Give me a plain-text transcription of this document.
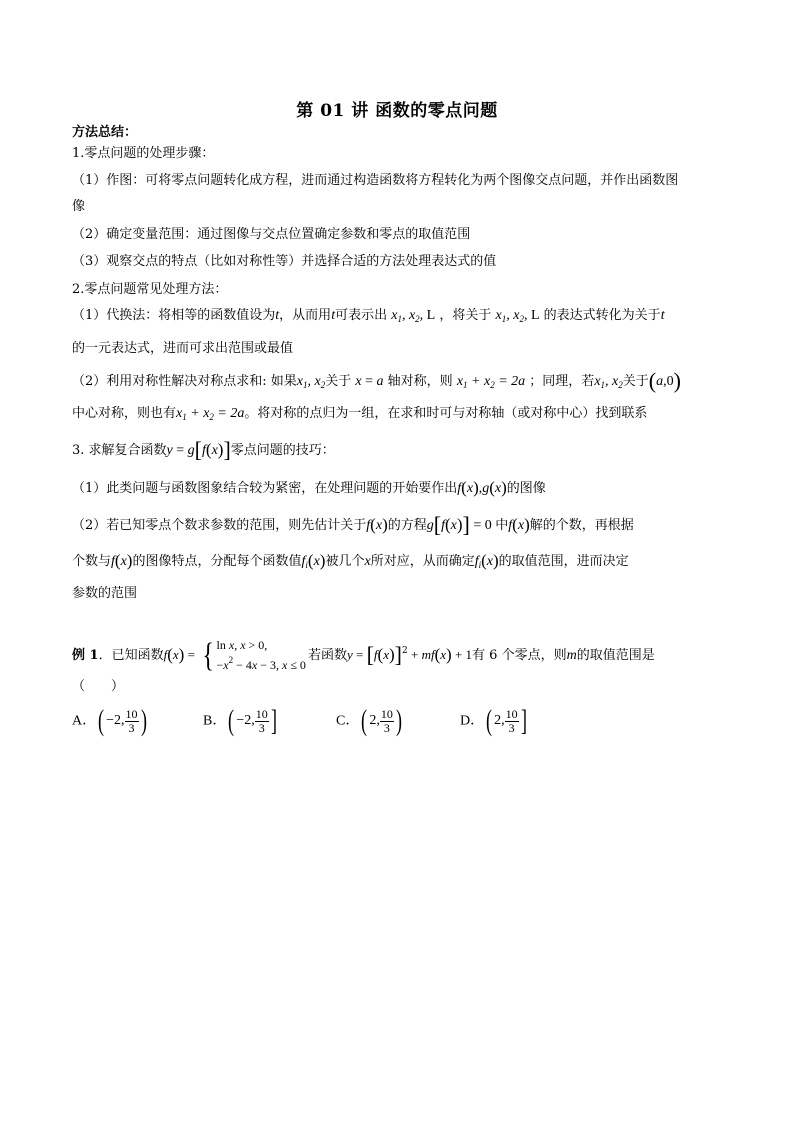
第 01 讲 函数的零点问题
方法总结：
1.零点问题的处理步骤：
（1）作图：可将零点问题转化成方程，进而通过构造函数将方程转化为两个图像交点问题，并作出函数图
像
（2）确定变量范围：通过图像与交点位置确定参数和零点的取值范围
（3）观察交点的特点（比如对称性等）并选择合适的方法处理表达式的值
2.零点问题常见处理方法：
（1）代换法：将相等的函数值设为t，从而用t可表示出 $x_1$, $x_2$, L ，将关于 $x_1$, $x_2$, L 的表达式转化为关于t
的一元表达式，进而可求出范围或最值
（2）利用对称性解决对称点求和: 如果$x_1$, $x_2$关于 x = a 轴对称，则 $x_1 + x_2 = 2a$ ；同理，若$x_1$, $x_2$关于(a,0)
中心对称，则也有$x_1 + x_2 = 2a$。将对称的点归为一组，在求和时可与对称轴（或对称中心）找到联系
3. 求解复合函数y = g[f(x)]零点问题的技巧：
（1）此类问题与函数图象结合较为紧密，在处理问题的开始要作出f(x),g(x)的图像
（2）若已知零点个数求参数的范围，则先估计关于f(x)的方程g[f(x)] = 0 中f(x)解的个数，再根据
个数与f(x)的图像特点，分配每个函数值$f_i(x)$被几个x所对应，从而确定$f_i(x)$的取值范围，进而决定
参数的范围
例 1．已知函数f(x) = { ln x, x > 0,
$-x^2 - 4x - 3$, x ≤ 0
若函数$y = [f(x)]^2 + mf(x) + 1$有 6 个零点，则m的取值范围是
（　　）
A．( −2, $\frac{10}{3}$ )	B．( −2, $\frac{10}{3}$ ]	C．( 2, $\frac{10}{3}$ )	D．( 2, $\frac{10}{3}$ ]
